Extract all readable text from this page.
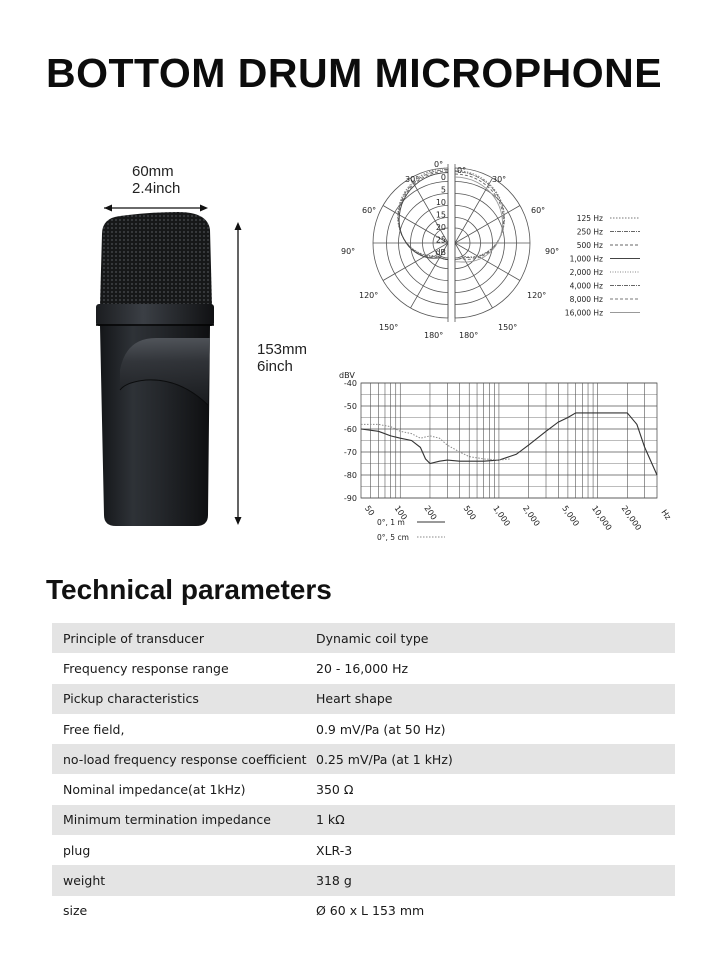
BOTTOM DRUM MICROPHONE
60mm
2.4inch
153mm
6inch
0°
30°
60°
90°
120°
150°
180°
0°
30°
60°
90°
120°
150°
180°
0
5
10
15
20
25
dB
125 Hz
250 Hz
500 Hz
1,000 Hz
2,000 Hz
4,000 Hz
8,000 Hz
16,000 Hz
-40
-50
-60
-70
-80
-90
dBV
50 100 200	500 1,000 2,000 5,000 10,000 20,000 Hz
0°, 1 m
0°, 5 cm
Technical parameters
Principle of transducer	Dynamic coil type
Frequency response range	20 - 16,000 Hz
Pickup characteristics	Heart shape
Free field,	0.9 mV/Pa (at 50 Hz)
no-load frequency response coefficient 0.25 mV/Pa (at 1 kHz)
Nominal impedance(at 1kHz)	350 Ω
Minimum termination impedance	1 kΩ
plug	XLR-3
weight	318 g
size	Ø 60 x L 153 mm
